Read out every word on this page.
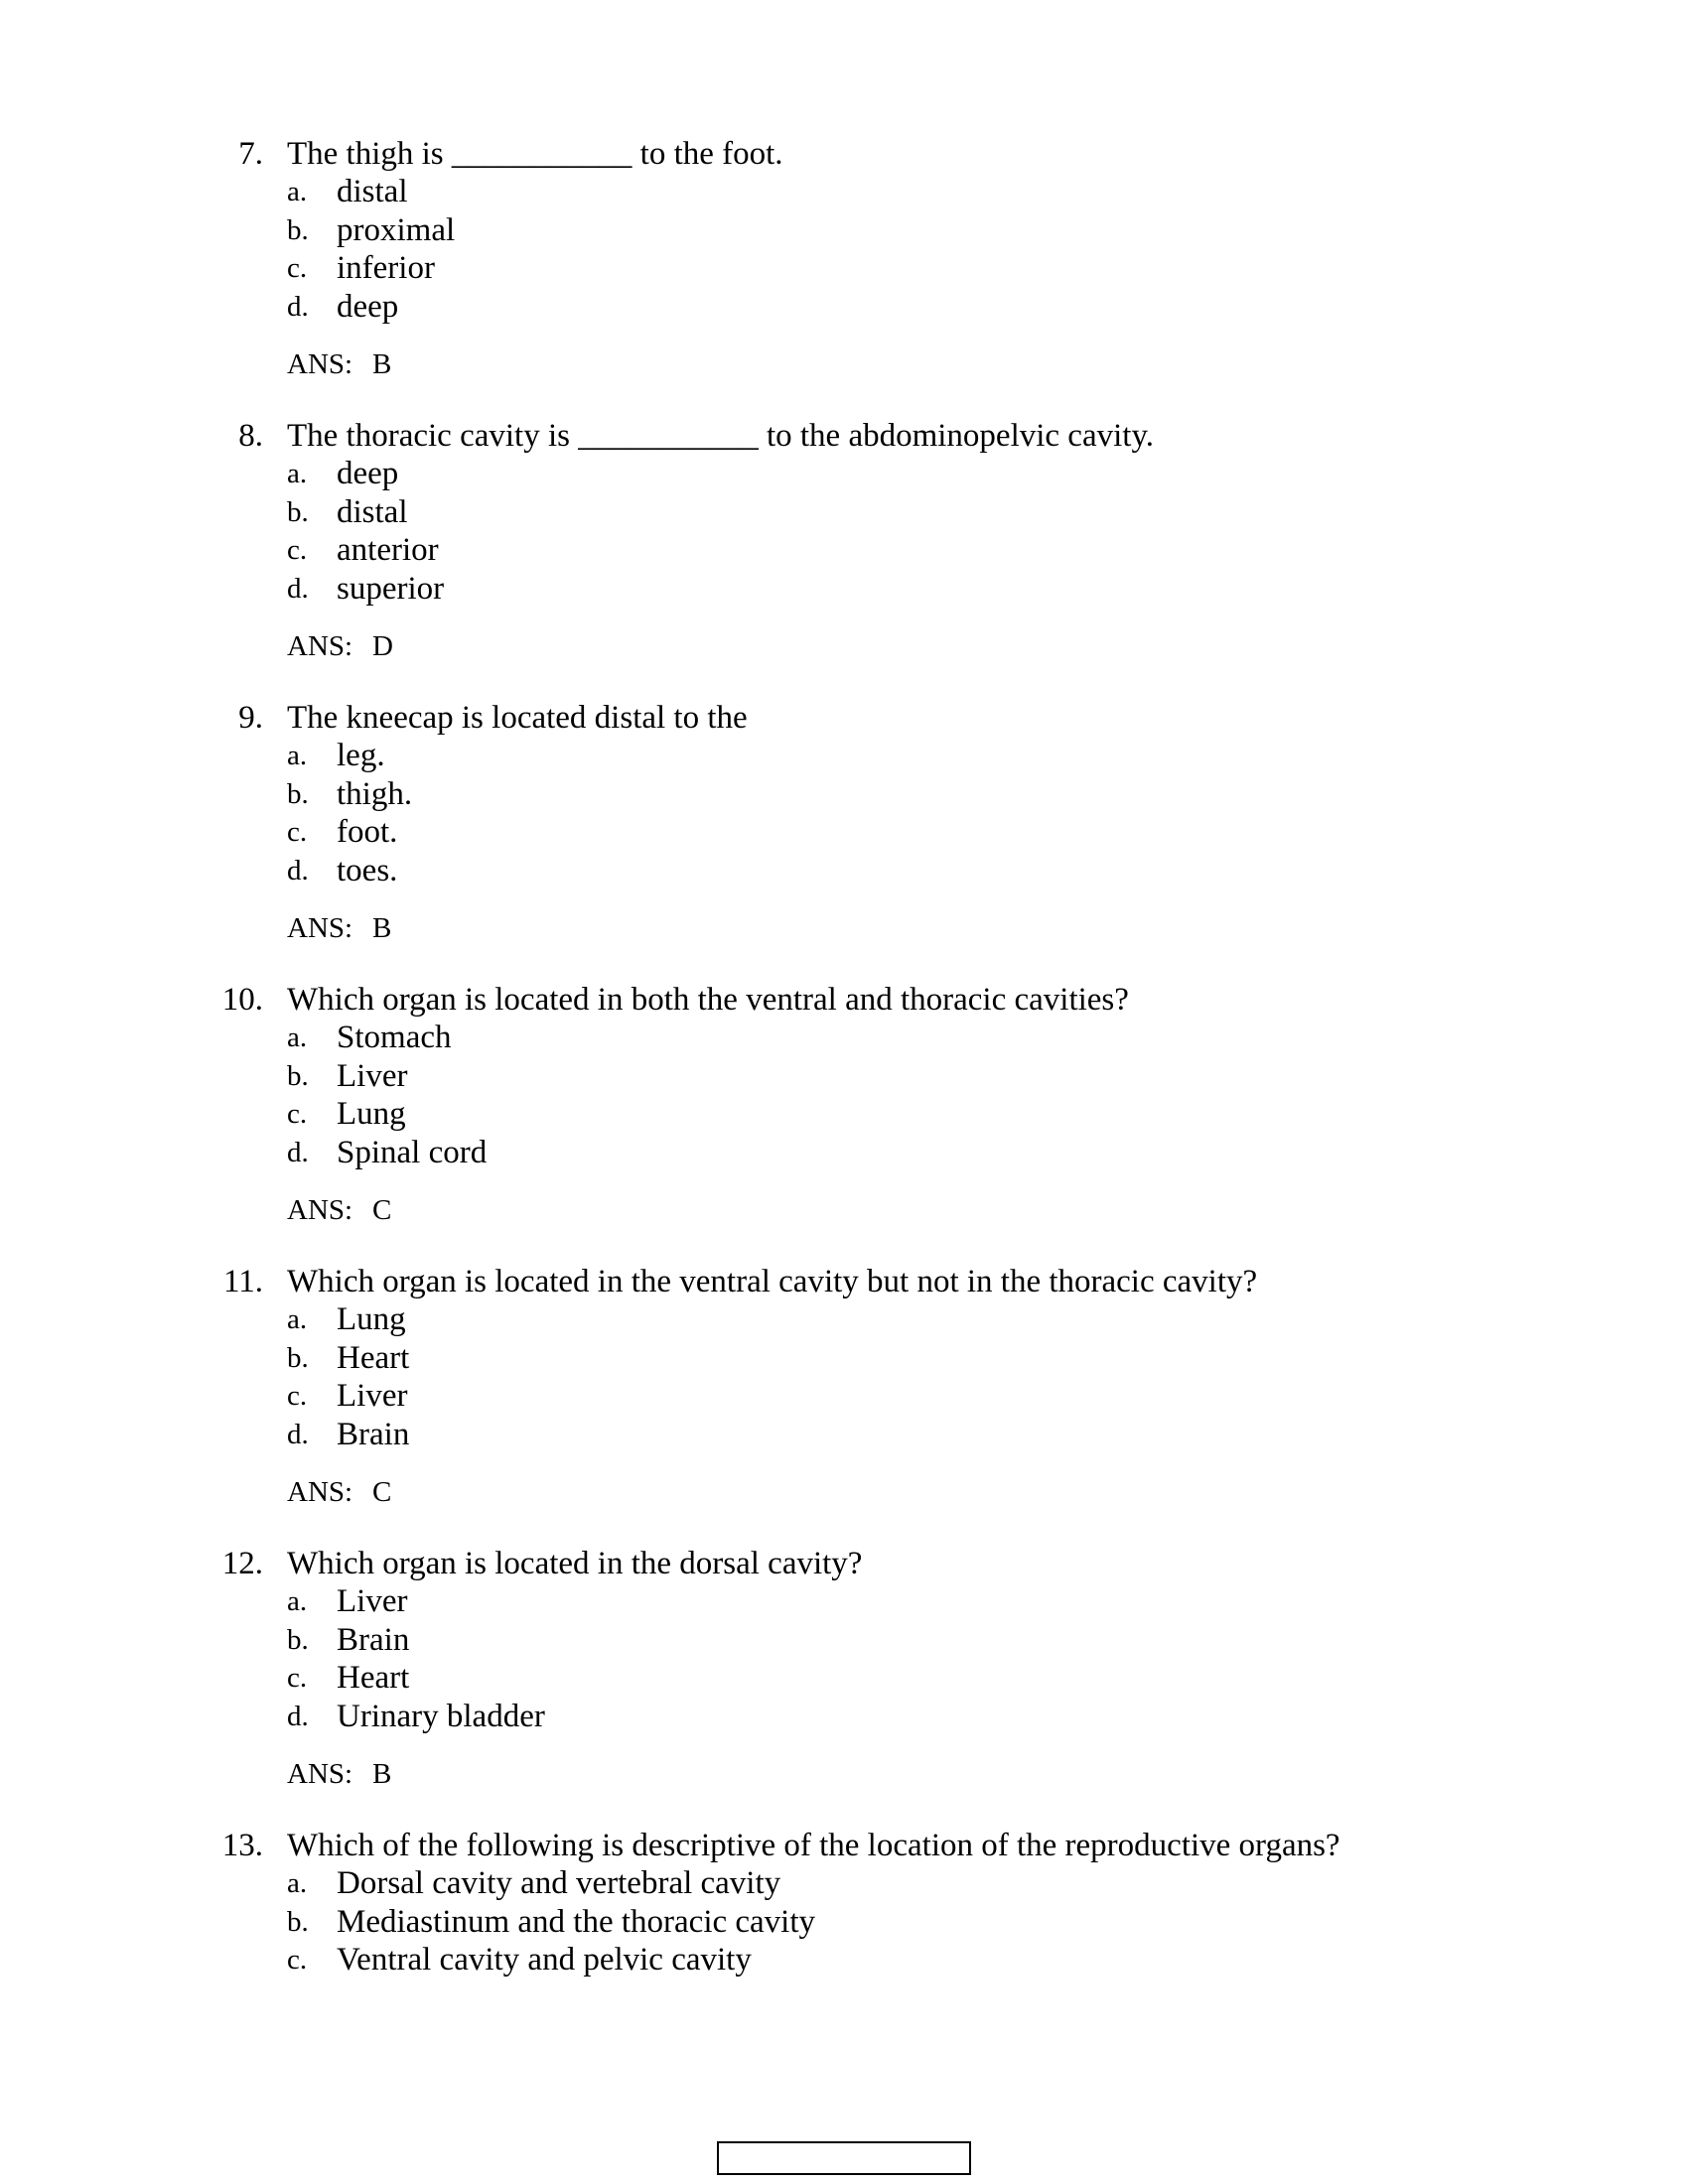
7. The thigh is ___________ to the foot.
a. distal
b. proximal
c. inferior
d. deep
ANS: B
8. The thoracic cavity is ___________ to the abdominopelvic cavity.
a. deep
b. distal
c. anterior
d. superior
ANS: D
9. The kneecap is located distal to the
a. leg.
b. thigh.
c. foot.
d. toes.
ANS: B
10. Which organ is located in both the ventral and thoracic cavities?
a. Stomach
b. Liver
c. Lung
d. Spinal cord
ANS: C
11. Which organ is located in the ventral cavity but not in the thoracic cavity?
a. Lung
b. Heart
c. Liver
d. Brain
ANS: C
12. Which organ is located in the dorsal cavity?
a. Liver
b. Brain
c. Heart
d. Urinary bladder
ANS: B
13. Which of the following is descriptive of the location of the reproductive organs?
a. Dorsal cavity and vertebral cavity
b. Mediastinum and the thoracic cavity
c. Ventral cavity and pelvic cavity
